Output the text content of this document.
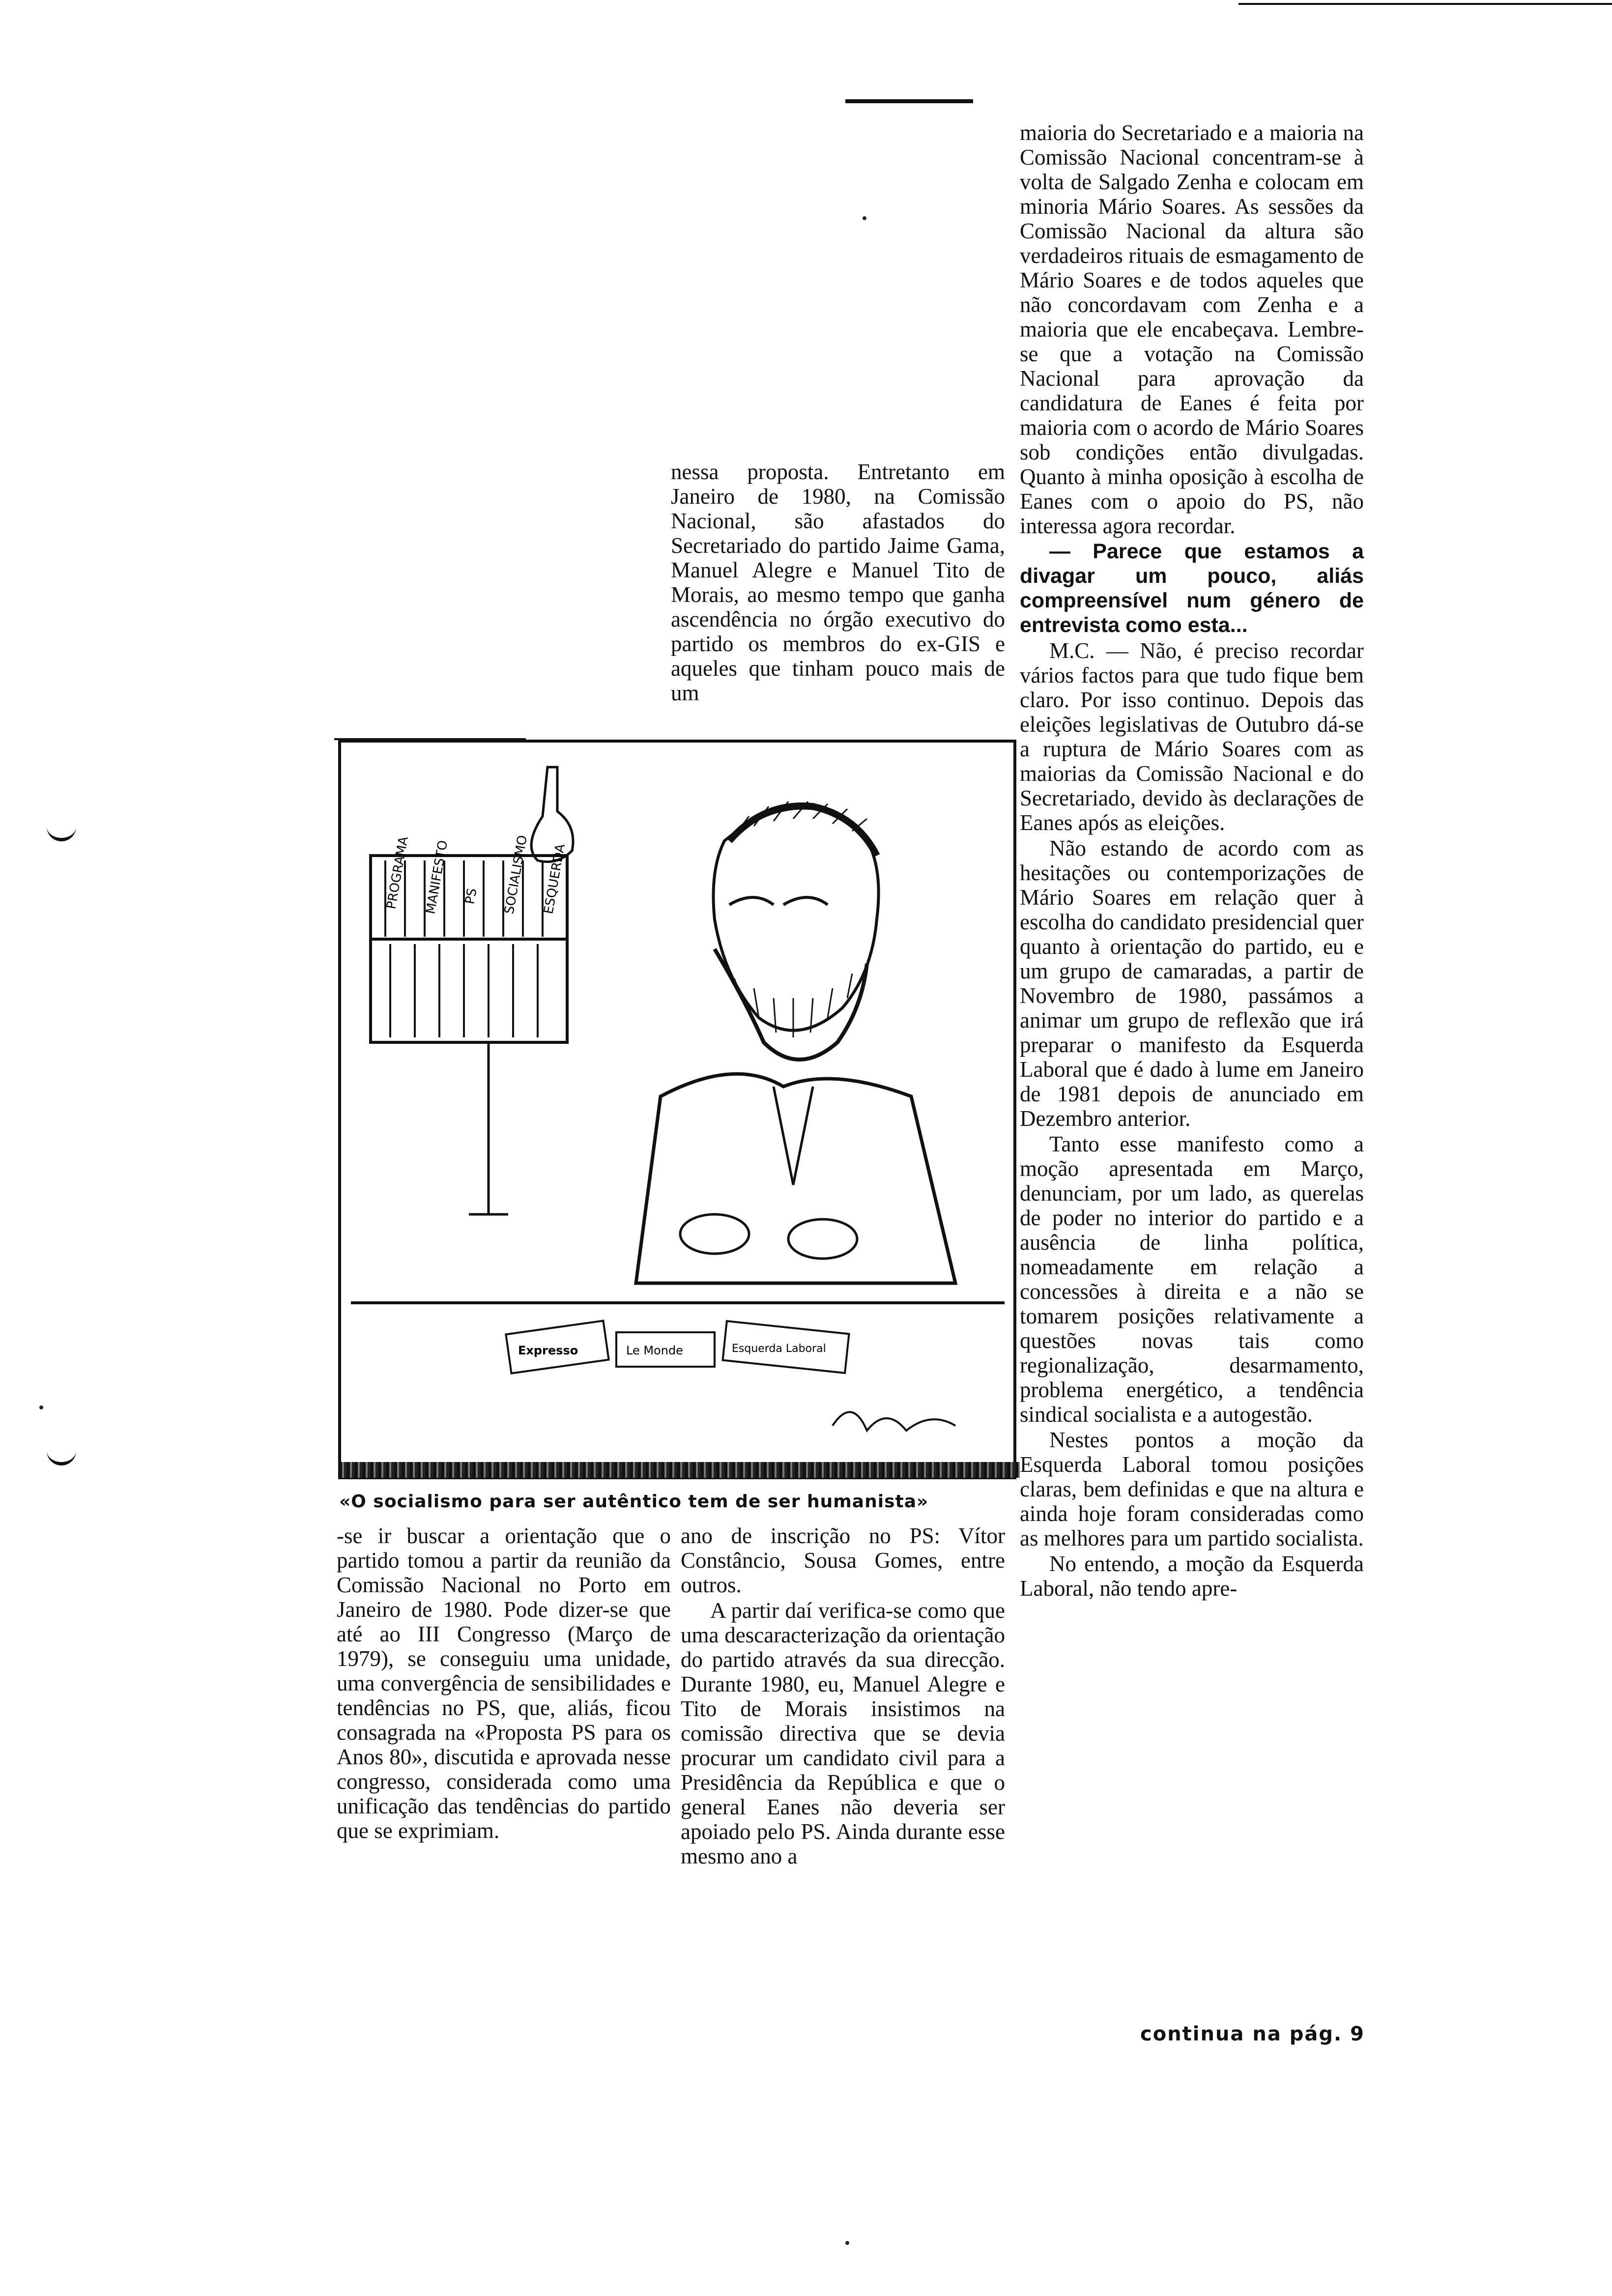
nessa proposta. Entretanto em Janeiro de 1980, na Comissão Nacional, são afastados do Secretariado do partido Jaime Gama, Manuel Alegre e Manuel Tito de Morais, ao mesmo tempo que ganha ascendência no órgão executivo do partido os membros do ex-GIS e aqueles que tinham pouco mais de um

maioria do Secretariado e a maioria na Comissão Nacional concentram-se à volta de Salgado Zenha e colocam em minoria Mário Soares. As sessões da Comissão Nacional da altura são verdadeiros rituais de esmagamento de Mário Soares e de todos aqueles que não concordavam com Zenha e a maioria que ele encabeçava. Lembre-se que a votação na Comissão Nacional para aprovação da candidatura de Eanes é feita por maioria com o acordo de Mário Soares sob condições então divulgadas. Quanto à minha oposição à escolha de Eanes com o apoio do PS, não interessa agora recordar.

— Parece que estamos a divagar um pouco, aliás compreensível num género de entrevista como esta...

M.C. — Não, é preciso recordar vários factos para que tudo fique bem claro. Por isso continuo. Depois das eleições legislativas de Outubro dá-se a ruptura de Mário Soares com as maiorias da Comissão Nacional e do Secretariado, devido às declarações de Eanes após as eleições.

Não estando de acordo com as hesitações ou contemporizações de Mário Soares em relação quer à escolha do candidato presidencial quer quanto à orientação do partido, eu e um grupo de camaradas, a partir de Novembro de 1980, passámos a animar um grupo de reflexão que irá preparar o manifesto da Esquerda Laboral que é dado à lume em Janeiro de 1981 depois de anunciado em Dezembro anterior.

Tanto esse manifesto como a moção apresentada em Março, denunciam, por um lado, as querelas de poder no interior do partido e a ausência de linha política, nomeadamente em relação a concessões à direita e a não se tomarem posições relativamente a questões novas tais como regionalização, desarmamento, problema energético, a tendência sindical socialista e a autogestão.

Nestes pontos a moção da Esquerda Laboral tomou posições claras, bem definidas e que na altura e ainda hoje foram consideradas como as melhores para um partido socialista.

No entendo, a moção da Esquerda Laboral, não tendo apre-

PROGRAMA MANIFESTO PS SOCIALISMO ESQUERDA
Expresso	Le Monde	Esquerda Laboral
«O socialismo para ser autêntico tem de ser humanista»

-se ir buscar a orientação que o partido tomou a partir da reunião da Comissão Nacional no Porto em Janeiro de 1980. Pode dizer-se que até ao III Congresso (Março de 1979), se conseguiu uma unidade, uma convergência de sensibilidades e tendências no PS, que, aliás, ficou consagrada na «Proposta PS para os Anos 80», discutida e aprovada nesse congresso, considerada como uma unificação das tendências do partido que se exprimiam.

ano de inscrição no PS: Vítor Constâncio, Sousa Gomes, entre outros.

A partir daí verifica-se como que uma descaracterização da orientação do partido através da sua direcção. Durante 1980, eu, Manuel Alegre e Tito de Morais insistimos na comissão directiva que se devia procurar um candidato civil para a Presidência da República e que o general Eanes não deveria ser apoiado pelo PS. Ainda durante esse mesmo ano a

continua na pág. 9
